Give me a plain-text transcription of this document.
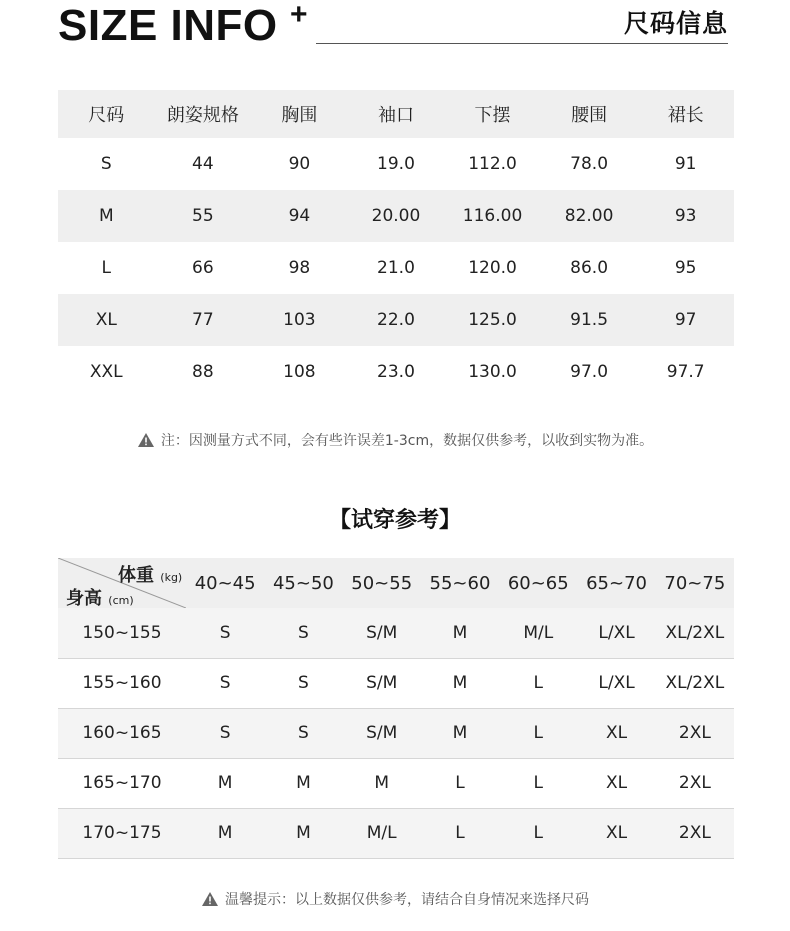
SIZE INFO +	尺码信息
尺码	朗姿规格	胸围	袖口	下摆	腰围	裙长
S	44	90	19.0	112.0	78.0	91
M	55	94	20.00	116.00	82.00	93
L	66	98	21.0	120.0	86.0	95
XL	77	103	22.0	125.0	91.5	97
XXL	88	108	23.0	130.0	97.0	97.7
注：因测量方式不同，会有些许误差1-3cm，数据仅供参考，以收到实物为准。
【试穿参考】
体重 (kg)
身高 (cm)	40~45	45~50	50~55	55~60	60~65	65~70	70~75
150~155	S	S	S/M	M	M/L	L/XL	XL/2XL
155~160	S	S	S/M	M	L	L/XL	XL/2XL
160~165	S	S	S/M	M	L	XL	2XL
165~170	M	M	M	L	L	XL	2XL
170~175	M	M	M/L	L	L	XL	2XL
温馨提示：以上数据仅供参考，请结合自身情况来选择尺码
